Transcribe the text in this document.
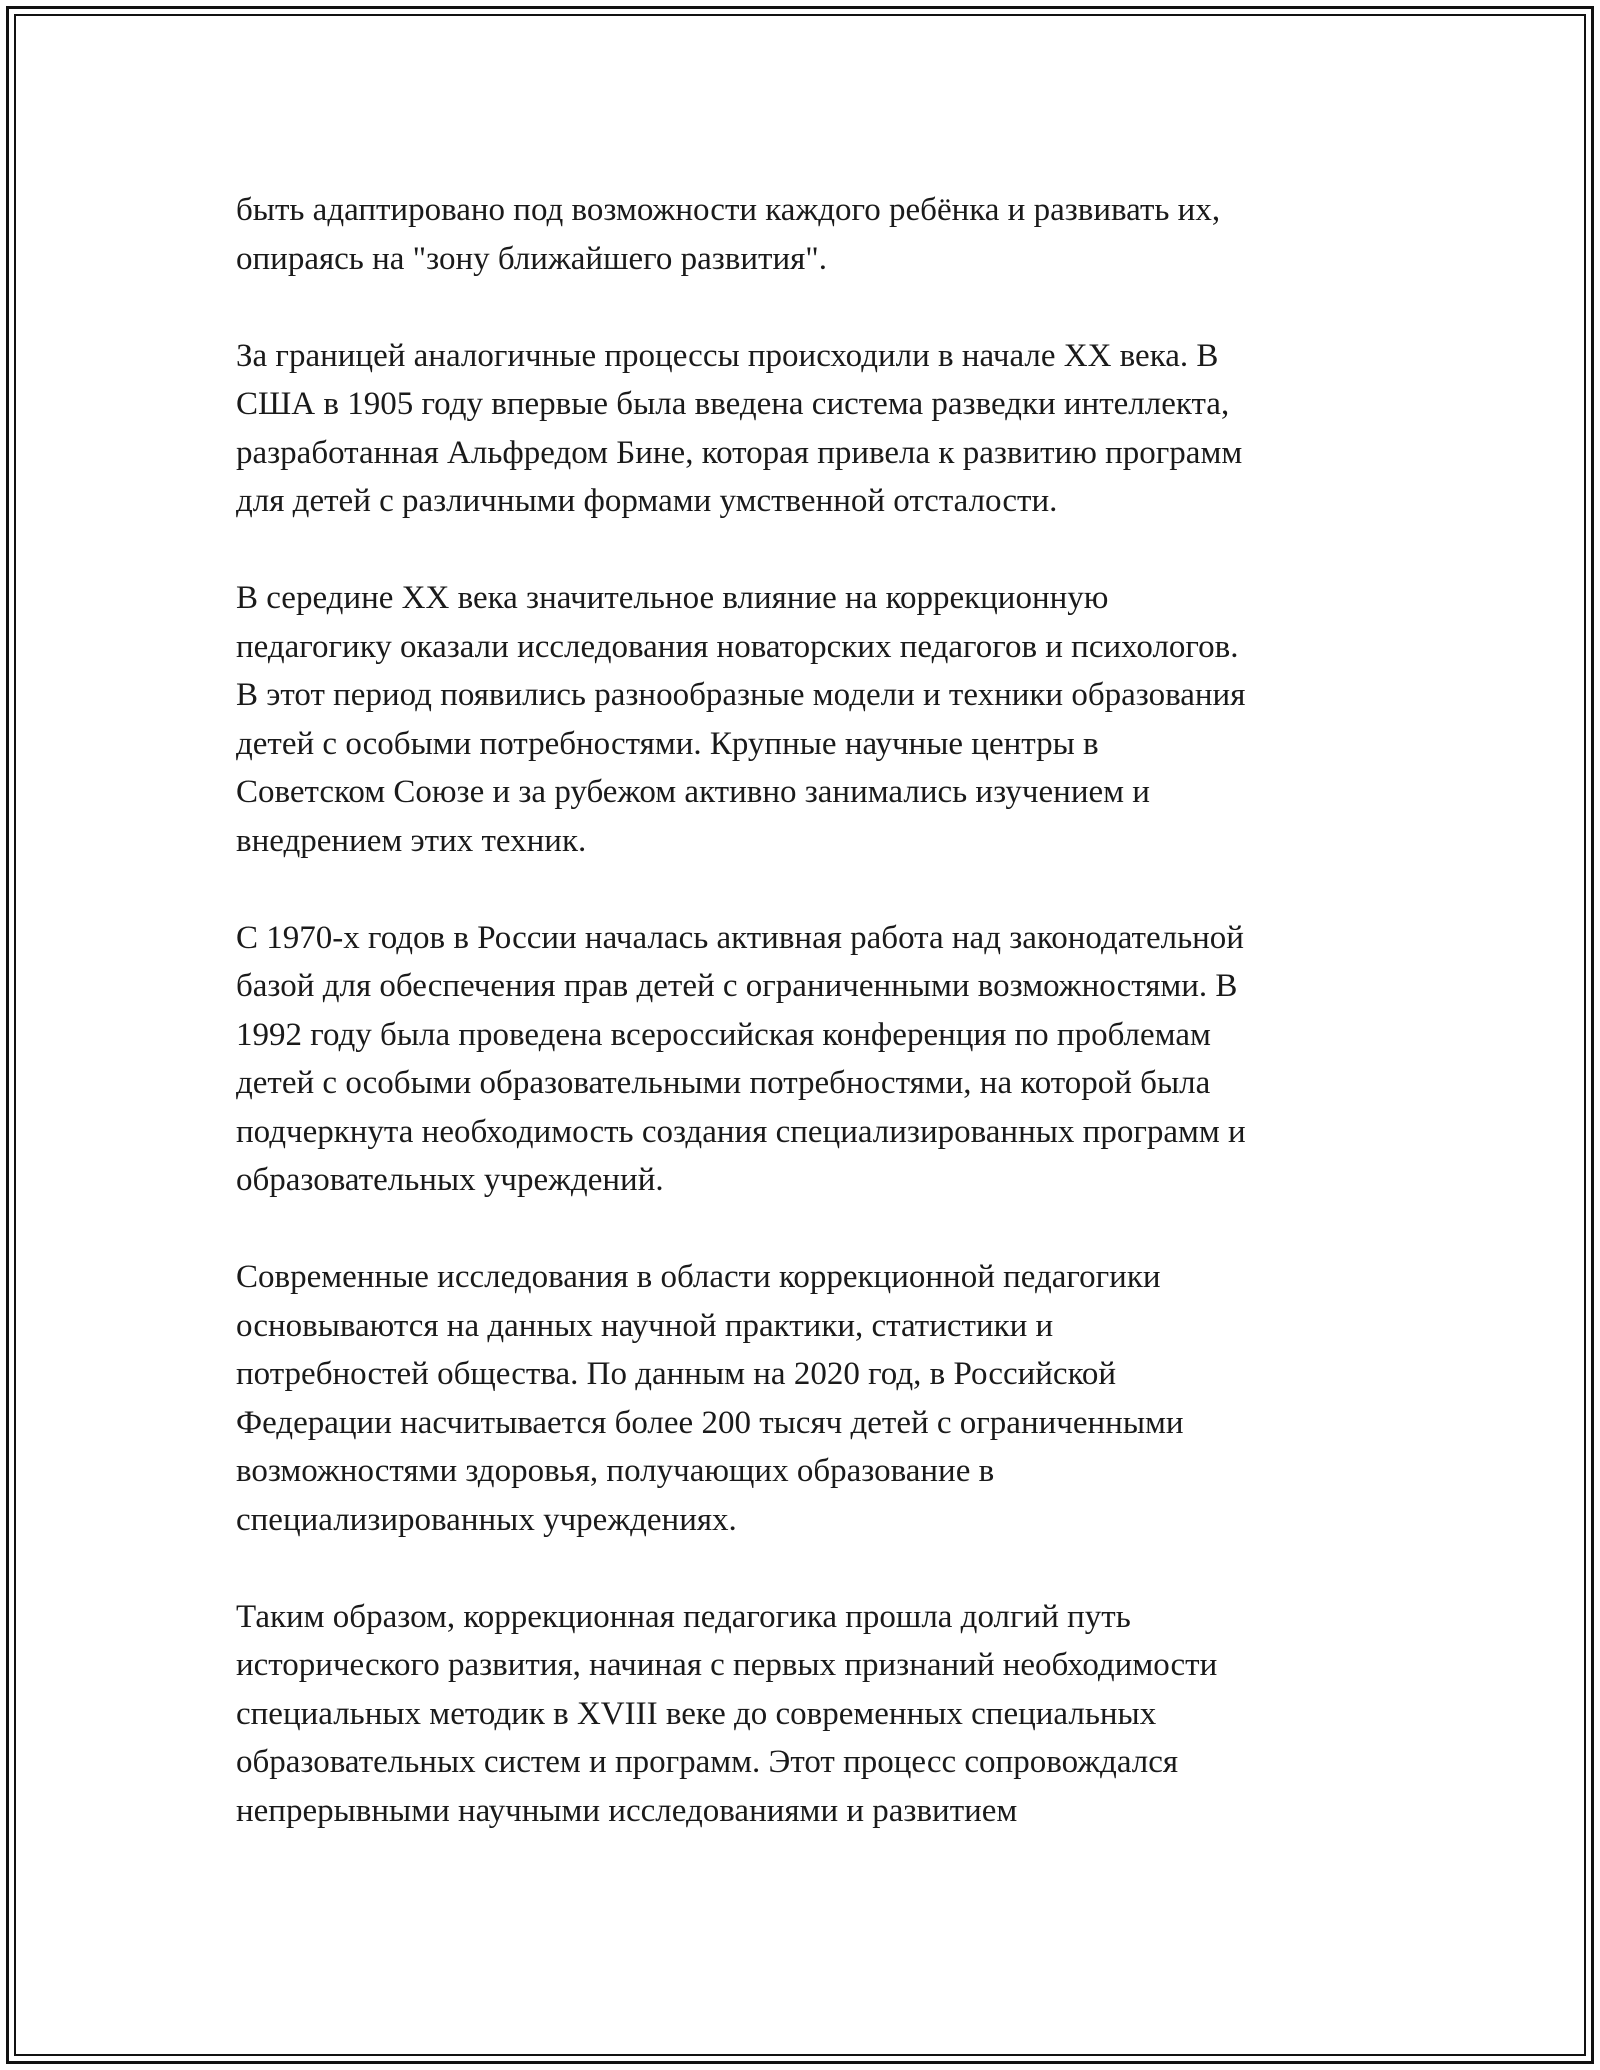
быть адаптировано под возможности каждого ребёнка и развивать их,
опираясь на "зону ближайшего развития".

За границей аналогичные процессы происходили в начале XX века. В
США в 1905 году впервые была введена система разведки интеллекта,
разработанная Альфредом Бине, которая привела к развитию программ
для детей с различными формами умственной отсталости.

В середине XX века значительное влияние на коррекционную
педагогику оказали исследования новаторских педагогов и психологов.
В этот период появились разнообразные модели и техники образования
детей с особыми потребностями. Крупные научные центры в
Советском Союзе и за рубежом активно занимались изучением и
внедрением этих техник.

С 1970-х годов в России началась активная работа над законодательной
базой для обеспечения прав детей с ограниченными возможностями. В
1992 году была проведена всероссийская конференция по проблемам
детей с особыми образовательными потребностями, на которой была
подчеркнута необходимость создания специализированных программ и
образовательных учреждений.

Современные исследования в области коррекционной педагогики
основываются на данных научной практики, статистики и
потребностей общества. По данным на 2020 год, в Российской
Федерации насчитывается более 200 тысяч детей с ограниченными
возможностями здоровья, получающих образование в
специализированных учреждениях.

Таким образом, коррекционная педагогика прошла долгий путь
исторического развития, начиная с первых признаний необходимости
специальных методик в XVIII веке до современных специальных
образовательных систем и программ. Этот процесс сопровождался
непрерывными научными исследованиями и развитием
